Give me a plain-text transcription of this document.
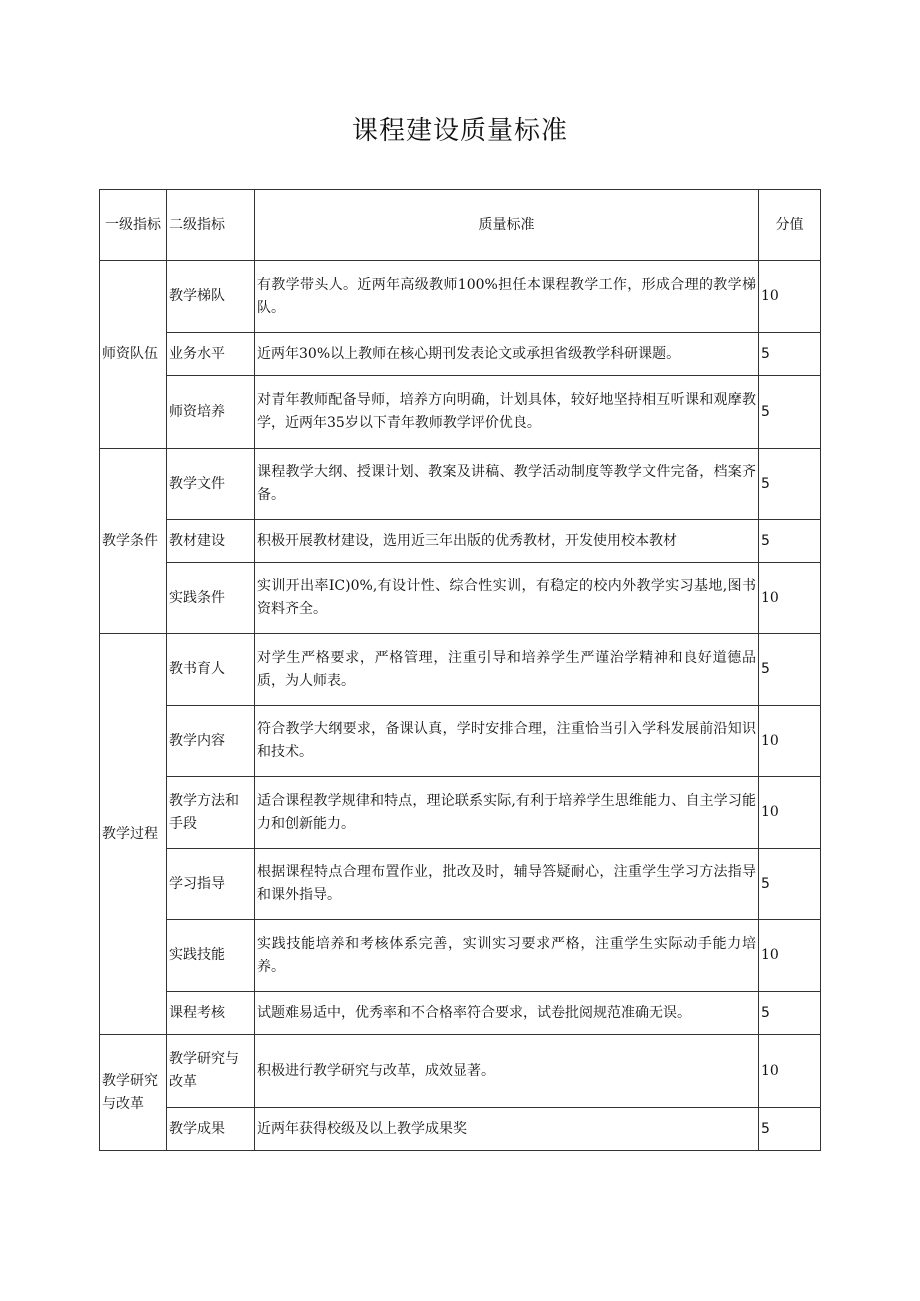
课程建设质量标准
一级指标	二级指标	质量标准	分值
师资队伍	教学梯队	有教学带头人。近两年高级教师100%担任本课程教学工作，形成合理的教学梯队。	10
	业务水平	近两年30%以上教师在核心期刊发表论文或承担省级教学科研课题。	5
	师资培养	对青年教师配备导师，培养方向明确，计划具体，较好地坚持相互听课和观摩教学，近两年35岁以下青年教师教学评价优良。	5
教学条件	教学文件	课程教学大纲、授课计划、教案及讲稿、教学活动制度等教学文件完备，档案齐备。	5
	教材建设	积极开展教材建设，选用近三年出版的优秀教材，开发使用校本教材	5
	实践条件	实训开出率IC)0%,有设计性、综合性实训，有稳定的校内外教学实习基地,图书资料齐全。	10
教学过程	教书育人	对学生严格要求，严格管理，注重引导和培养学生严谨治学精神和良好道德品质，为人师表。	5
	教学内容	符合教学大纲要求，备课认真，学时安排合理，注重恰当引入学科发展前沿知识和技术。	10
	教学方法和手段	适合课程教学规律和特点，理论联系实际,有利于培养学生思维能力、自主学习能力和创新能力。	10
	学习指导	根据课程特点合理布置作业，批改及时，辅导答疑耐心，注重学生学习方法指导和课外指导。	5
	实践技能	实践技能培养和考核体系完善，实训实习要求严格，注重学生实际动手能力培养。	10
	课程考核	试题难易适中，优秀率和不合格率符合要求，试卷批阅规范准确无误。	5
教学研究与改革	教学研究与改革	积极进行教学研究与改革，成效显著。	10
	教学成果	近两年获得校级及以上教学成果奖	5
